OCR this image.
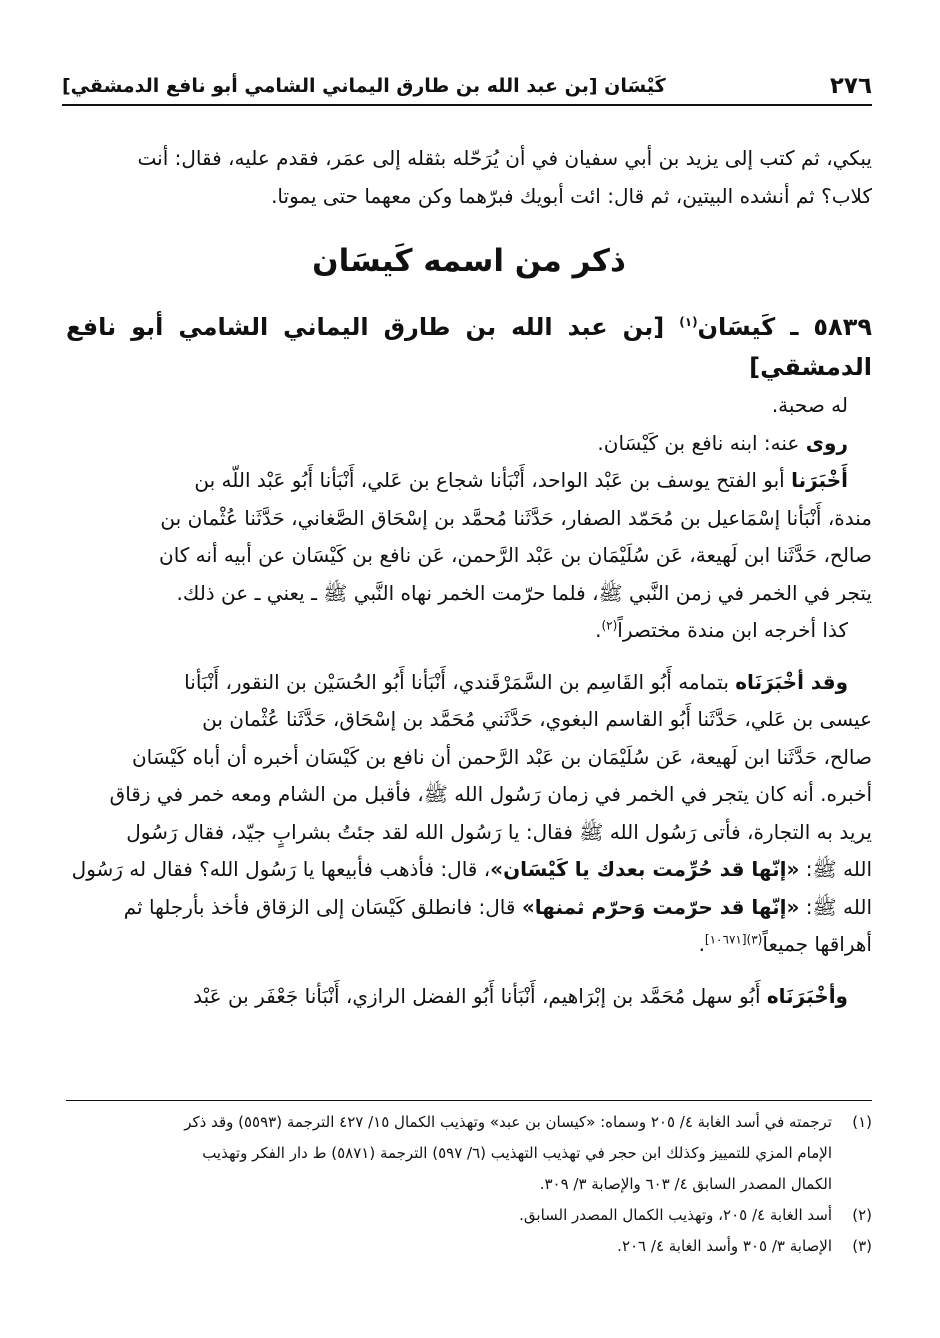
٢٧٦
كَيْسَان [بن عبد الله بن طارق اليماني الشامي أبو نافع الدمشقي]

يبكي، ثم كتب إلى يزيد بن أبي سفيان في أن يُرَحّله بثقله إلى عمَر، فقدم عليه، فقال: أنت

كلاب؟ ثم أنشده البيتين، ثم قال: ائت أبويك فبرّهما وكن معهما حتى يموتا.

ذكر من اسمه كَيسَان

٥٨٣٩ ـ كَيسَان$^{(١)}$ [بن عبد الله بن طارق اليماني الشامي أبو نافع الدمشقي]

له صحبة.

روى عنه: ابنه نافع بن كَيْسَان.

أَخْبَرَنا أبو الفتح يوسف بن عَبْد الواحد، أَنْبَأنا شجاع بن عَلي، أَنْبَأنا أَبُو عَبْد اللّه بن

مندة، أَنْبَأنا إسْمَاعيل بن مُحَمّد الصفار، حَدَّثَنا مُحمَّد بن إسْحَاق الصَّغاني، حَدَّثَنا عُثْمان بن

صالح، حَدَّثَنا ابن لَهيعة، عَن سُلَيْمَان بن عَبْد الرَّحمن، عَن نافع بن كَيْسَان عن أبيه أنه كان

يتجر في الخمر في زمن النَّبي ﷺ، فلما حرّمت الخمر نهاه النَّبي ﷺ ـ يعني ـ عن ذلك.

كذا أخرجه ابن مندة مختصراً$^{(٢)}$.

وقد أخْبَرَنَاه بتمامه أَبُو القَاسِم بن السَّمَرْقَندي، أَنْبَأنا أَبُو الحُسَيْن بن النقور، أَنْبَأنا

عيسى بن عَلي، حَدَّثَنا أَبُو القاسم البغوي، حَدَّثَني مُحَمَّد بن إسْحَاق، حَدَّثَنا عُثْمان بن

صالح، حَدَّثَنا ابن لَهيعة، عَن سُلَيْمَان بن عَبْد الرَّحمن أن نافع بن كَيْسَان أخبره أن أباه كَيْسَان

أخبره. أنه كان يتجر في الخمر في زمان رَسُول الله ﷺ، فأقبل من الشام ومعه خمر في زقاق

يريد به التجارة، فأتى رَسُول الله ﷺ فقال: يا رَسُول الله لقد جئتُ بشرابٍ جيّد، فقال رَسُول

الله ﷺ: «إنّها قد حُرِّمت بعدك يا كَيْسَان»، قال: فأذهب فأبيعها يا رَسُول الله؟ فقال له رَسُول

الله ﷺ: «إنّها قد حرّمت وَحرّم ثمنها» قال: فانطلق كَيْسَان إلى الزقاق فأخذ بأرجلها ثم

أهراقها جميعاً$^{(٣)[١٠٦٧١]}$.

وأخْبَرَنَاه أَبُو سهل مُحَمَّد بن إبْرَاهيم، أَنْبَأنا أَبُو الفضل الرازي، أَنْبَأنا جَعْفَر بن عَبْد

(١)ترجمته في أسد الغابة ٤/ ٢٠٥ وسماه: «كيسان بن عبد» وتهذيب الكمال ١٥/ ٤٢٧ الترجمة (٥٥٩٣) وقد ذكر

الإمام المزي للتمييز وكذلك ابن حجر في تهذيب التهذيب (٦/ ٥٩٧) الترجمة (٥٨٧١) ط دار الفكر وتهذيب

الكمال المصدر السابق ٤/ ٦٠٣ والإصابة ٣/ ٣٠٩.

(٢)أسد الغابة ٤/ ٢٠٥، وتهذيب الكمال المصدر السابق.

(٣)الإصابة ٣/ ٣٠٥ وأسد الغابة ٤/ ٢٠٦.
